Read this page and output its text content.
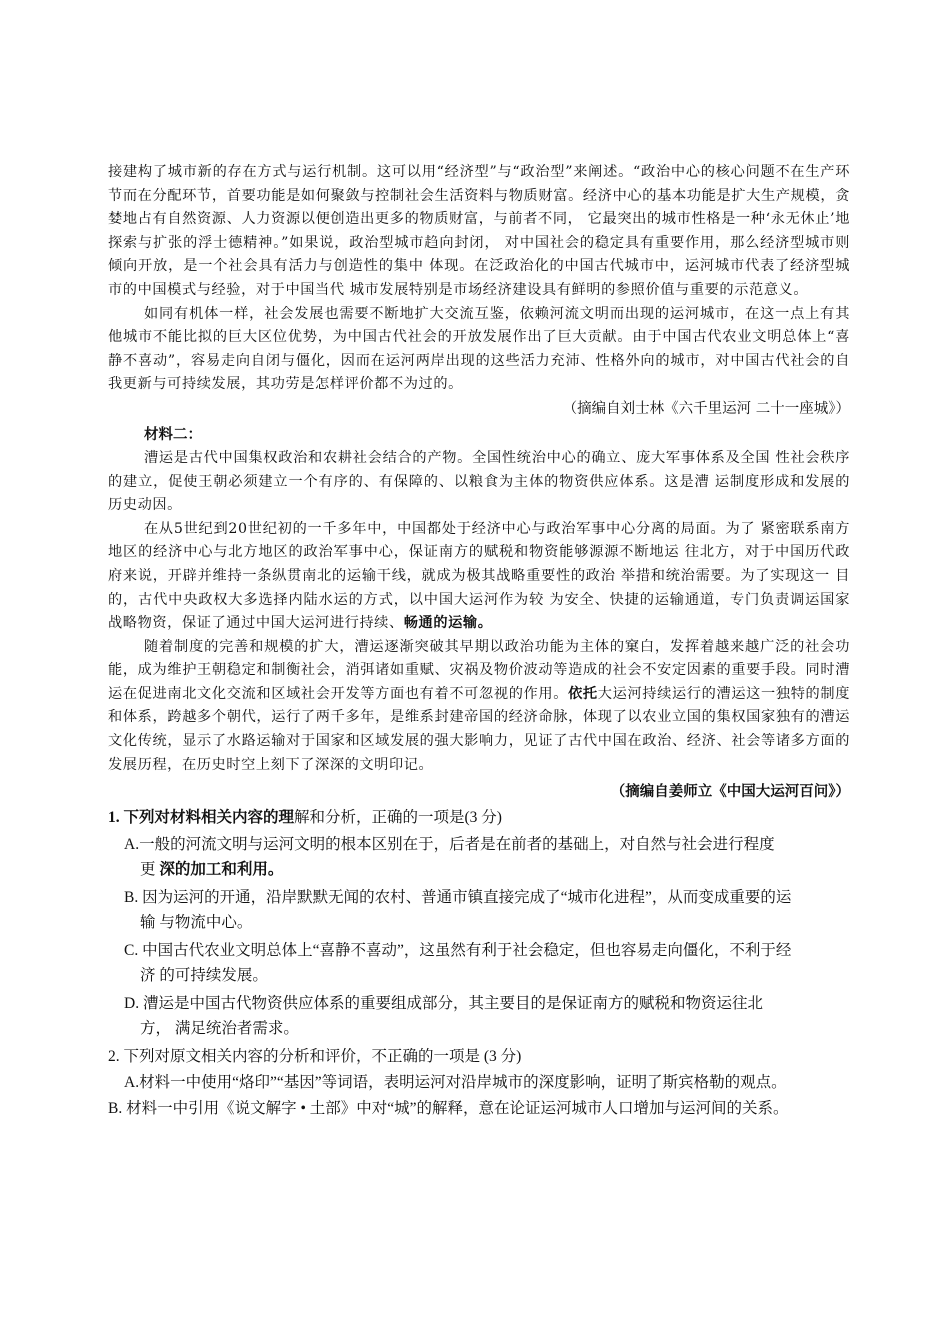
接建构了城市新的存在方式与运行机制。这可以用“经济型”与“政治型”来阐述。“政治中心的核心问题不在生产环节而在分配环节，首要功能是如何聚敛与控制社会生活资料与物质财富。经济中心的基本功能是扩大生产规模，贪婪地占有自然资源、人力资源以便创造出更多的物质财富，与前者不同， 它最突出的城市性格是一种‘永无休止’地探索与扩张的浮士德精神。”如果说，政治型城市趋向封闭， 对中国社会的稳定具有重要作用，那么经济型城市则倾向开放，是一个社会具有活力与创造性的集中 体现。在泛政治化的中国古代城市中，运河城市代表了经济型城市的中国模式与经验，对于中国当代 城市发展特别是市场经济建设具有鲜明的参照价值与重要的示范意义。

如同有机体一样，社会发展也需要不断地扩大交流互鉴，依赖河流文明而出现的运河城市，在这一点上有其他城市不能比拟的巨大区位优势，为中国古代社会的开放发展作出了巨大贡献。由于中国古代农业文明总体上“喜静不喜动”，容易走向自闭与僵化，因而在运河两岸出现的这些活力充沛、性格外向的城市，对中国古代社会的自我更新与可持续发展，其功劳是怎样评价都不为过的。

（摘编自刘士林《六千里运河 二十一座城》）

材料二：

漕运是古代中国集权政治和农耕社会结合的产物。全国性统治中心的确立、庞大军事体系及全国 性社会秩序的建立，促使王朝必须建立一个有序的、有保障的、以粮食为主体的物资供应体系。这是漕 运制度形成和发展的历史动因。

在从5世纪到20世纪初的一千多年中，中国都处于经济中心与政治军事中心分离的局面。为了 紧密联系南方地区的经济中心与北方地区的政治军事中心，保证南方的赋税和物资能够源源不断地运 往北方，对于中国历代政府来说，开辟并维持一条纵贯南北的运输干线，就成为极其战略重要性的政治 举措和统治需要。为了实现这一 目的，古代中央政权大多选择内陆水运的方式，以中国大运河作为较 为安全、快捷的运输通道，专门负责调运国家战略物资，保证了通过中国大运河进行持续、畅通的运输。

随着制度的完善和规模的扩大，漕运逐渐突破其早期以政治功能为主体的窠白，发挥着越来越广泛的社会功能，成为维护王朝稳定和制衡社会，消弭诸如重赋、灾祸及物价波动等造成的社会不安定因素的重要手段。同时漕运在促进南北文化交流和区域社会开发等方面也有着不可忽视的作用。依托大运河持续运行的漕运这一独特的制度和体系，跨越多个朝代，运行了两千多年，是维系封建帝国的经济命脉，体现了以农业立国的集权国家独有的漕运文化传统，显示了水路运输对于国家和区域发展的强大影响力，见证了古代中国在政治、经济、社会等诸多方面的发展历程，在历史时空上刻下了深深的文明印记。

（摘编自姜师立《中国大运河百问》）

1. 下列对材料相关内容的理解和分析，正确的一项是(3 分)

A.一般的河流文明与运河文明的根本区别在于，后者是在前者的基础上，对自然与社会进行程度
更 深的加工和利用。
B. 因为运河的开通，沿岸默默无闻的农村、普通市镇直接完成了“城市化进程”，从而变成重要的运
输 与物流中心。
C. 中国古代农业文明总体上“喜静不喜动”，这虽然有利于社会稳定，但也容易走向僵化，不利于经
济 的可持续发展。
D. 漕运是中国古代物资供应体系的重要组成部分，其主要目的是保证南方的赋税和物资运往北
方， 满足统治者需求。

2. 下列对原文相关内容的分析和评价，不正确的一项是 (3 分)

A.材料一中使用“烙印”“基因”等词语，表明运河对沿岸城市的深度影响，证明了斯宾格勒的观点。

B. 材料一中引用《说文解字 • 土部》中对“城”的解释，意在论证运河城市人口增加与运河间的关系。
